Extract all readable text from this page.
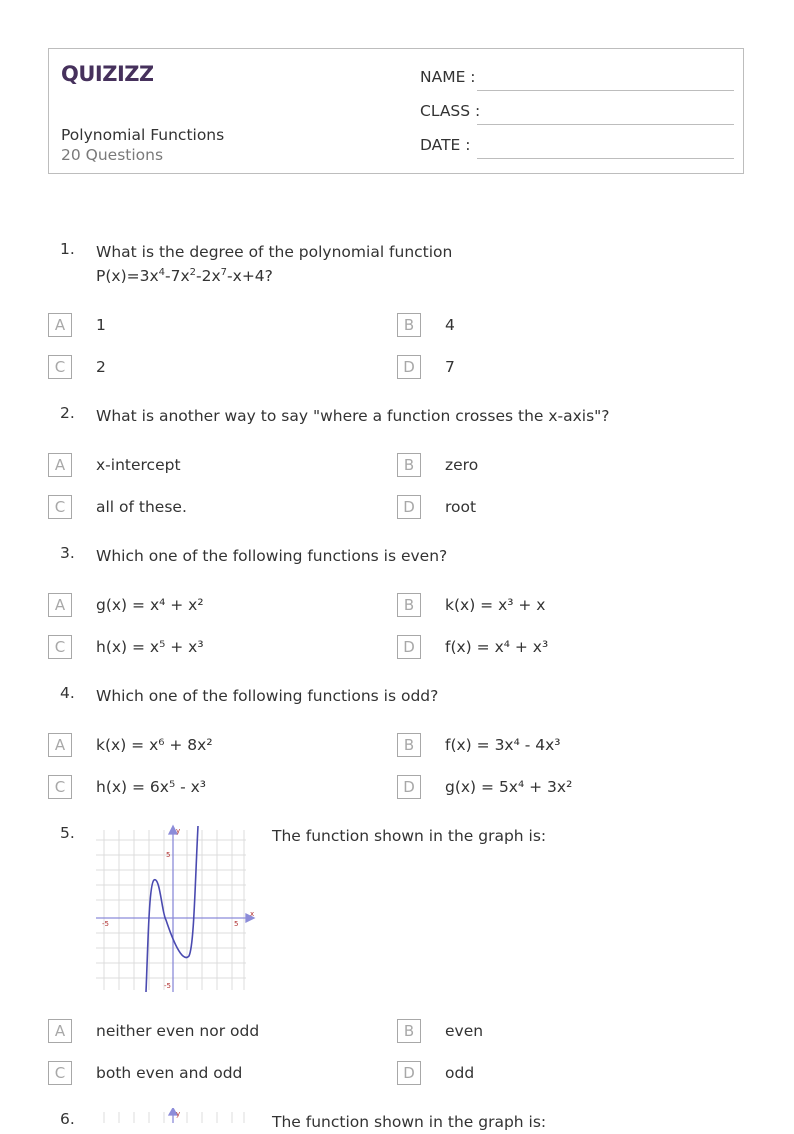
QUIZIZZ
Polynomial Functions
20 Questions
NAME :
CLASS :
DATE :
1. What is the degree of the polynomial function
$P(x)=3x^4-7x^2-2x^7-x+4$?
A	1	B	4
C	2	D	7
2. What is another way to say "where a function crosses the x-axis"?
A	x-intercept	B	zero
C	all of these.	D	root
3. Which one of the following functions is even?
A	g(x) = x⁴ + x²	B	k(x) = x³ + x
C	h(x) = x⁵ + x³	D	f(x) = x⁴ + x³
4. Which one of the following functions is odd?
A	k(x) = x⁶ + 8x²	B	f(x) = 3x⁴ - 4x³
C	h(x) = 6x⁵ - x³	D	g(x) = 5x⁴ + 3x²
5.
x
y
-5	5
5
-5
The function shown in the graph is:
A	neither even nor odd	B	even
C	both even and odd	D	odd
6.	y	The function shown in the graph is:
